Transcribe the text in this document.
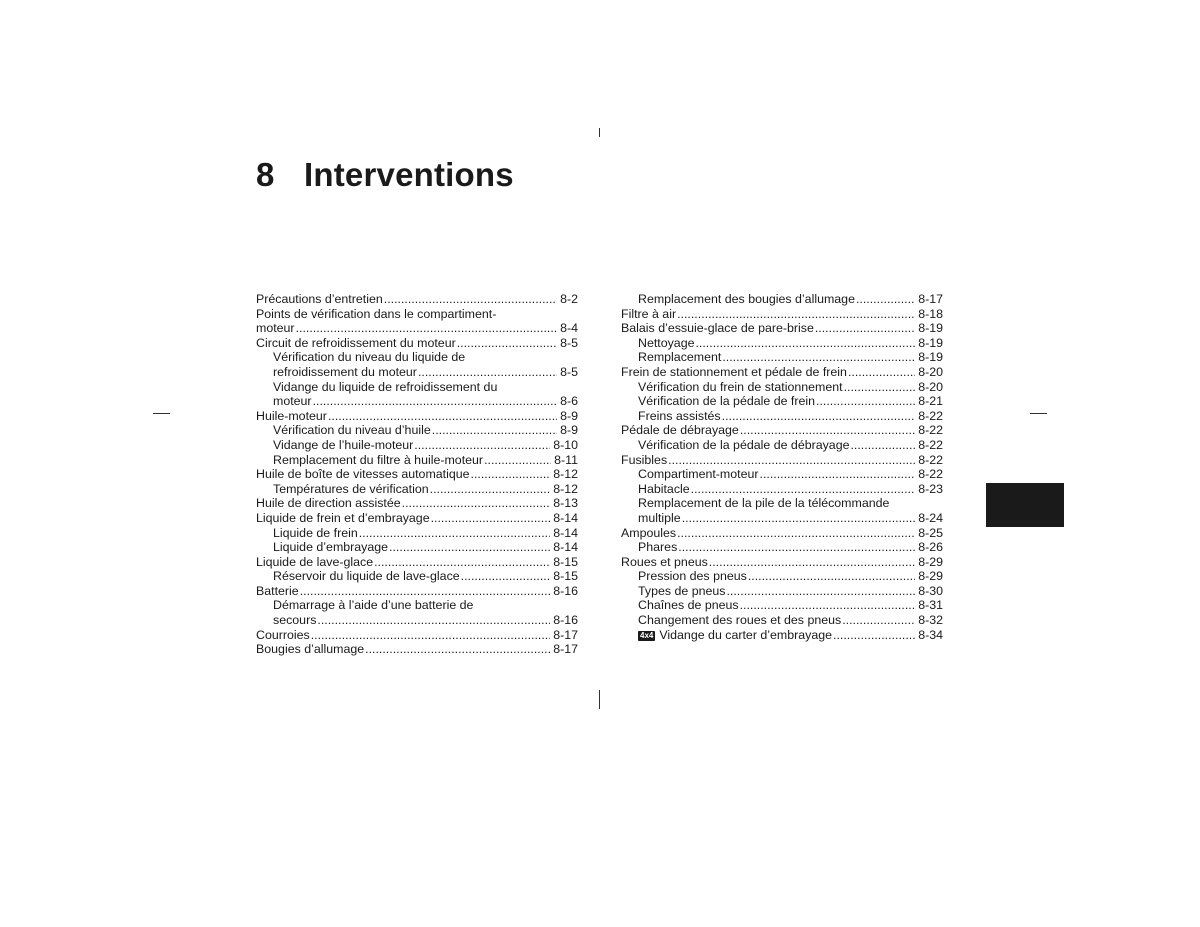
8 Interventions
Précautions d’entretien .....	8-2
Points de vérification dans le compartiment-
moteur .....	8-4
Circuit de refroidissement du moteur .....	8-5
Vérification du niveau du liquide de
refroidissement du moteur .....	8-5
Vidange du liquide de refroidissement du
moteur .....	8-6
Huile-moteur .....	8-9
Vérification du niveau d’huile .....	8-9
Vidange de l’huile-moteur .....	8-10
Remplacement du filtre à huile-moteur .....	8-11
Huile de boîte de vitesses automatique .....	8-12
Températures de vérification .....	8-12
Huile de direction assistée .....	8-13
Liquide de frein et d’embrayage .....	8-14
Liquide de frein .....	8-14
Liquide d’embrayage .....	8-14
Liquide de lave-glace .....	8-15
Réservoir du liquide de lave-glace .....	8-15
Batterie .....	8-16
Démarrage à l’aide d’une batterie de
secours .....	8-16
Courroies .....	8-17
Bougies d’allumage .....	8-17
Remplacement des bougies d’allumage .....	8-17
Filtre à air .....	8-18
Balais d’essuie-glace de pare-brise .....	8-19
Nettoyage .....	8-19
Remplacement .....	8-19
Frein de stationnement et pédale de frein .....	8-20
Vérification du frein de stationnement .....	8-20
Vérification de la pédale de frein .....	8-21
Freins assistés .....	8-22
Pédale de débrayage .....	8-22
Vérification de la pédale de débrayage .....	8-22
Fusibles .....	8-22
Compartiment-moteur .....	8-22
Habitacle .....	8-23
Remplacement de la pile de la télécommande
multiple .....	8-24
Ampoules .....	8-25
Phares .....	8-26
Roues et pneus .....	8-29
Pression des pneus .....	8-29
Types de pneus .....	8-30
Chaînes de pneus .....	8-31
Changement des roues et des pneus .....	8-32
4x4 Vidange du carter d’embrayage .....	8-34
